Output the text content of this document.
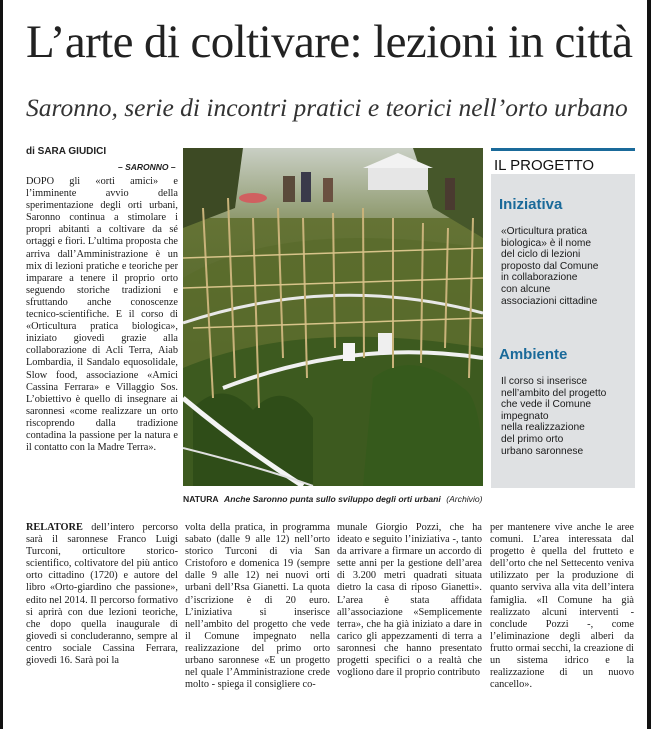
L’arte di coltivare: lezioni in città
Saronno, serie di incontri pratici e teorici nell’orto urbano
di SARA GIUDICI
– SARONNO –

DOPO gli «orti amici» e l’imminente avvio della sperimentazione degli orti urbani, Saronno continua a stimolare i propri abitanti a coltivare da sé ortaggi e fiori. L’ultima proposta che arriva dall’Amministrazione è un mix di lezioni pratiche e teoriche per imparare a tenere il proprio orto seguendo storiche tradizioni e sfruttando anche conoscenze tecnico-scientifiche. E il corso di «Orticultura pratica biologica», iniziato giovedì grazie alla collaborazione di Acli Terra, Aiab Lombardia, il Sandalo equosolidale, Slow food, associazione «Amici Cassina Ferrara» e Villaggio Sos. L’obiettivo è quello di insegnare ai saronnesi «come realizzare un orto riscoprendo dalla tradizione contadina la passione per la natura e il contatto con la Madre Terra».

RELATORE dell’intero percorso sarà il saronnese Franco Luigi Turconi, orticultore storico-scientifico, coltivatore del più antico orto cittadino (1720) e autore del libro «Orto-giardino che passione», edito nel 2014. Il percorso formativo si aprirà con due lezioni teoriche, che dopo quella inaugurale di giovedì si concluderanno, sempre al centro sociale Cassina Ferrara, giovedì 16. Sarà poi la

volta della pratica, in programma sabato (dalle 9 alle 12) nell’orto storico Turconi di via San Cristoforo e domenica 19 (sempre dalle 9 alle 12) nei nuovi orti urbani dell’Rsa Gianetti. La quota d’iscrizione è di 20 euro. L’iniziativa si inserisce nell’ambito del progetto che vede il Comune impegnato nella realizzazione del primo orto urbano saronnese «E un progetto nel quale l’Amministrazione crede molto - spiega il consigliere co-

munale Giorgio Pozzi, che ha ideato e seguito l’iniziativa -, tanto da arrivare a firmare un accordo di sette anni per la gestione dell’area di 3.200 metri quadrati situata dietro la casa di riposo Gianetti». L’area è stata affidata all’associazione «Semplicemente terra», che ha già iniziato a dare in carico gli appezzamenti di terra a saronnesi che hanno presentato progetti specifici o a realtà che vogliono dare il proprio contributo

per mantenere vive anche le aree comuni. L’area interessata dal progetto è quella del frutteto e dell’orto che nel Settecento veniva utilizzato per la produzione di quanto serviva alla vita dell’intera famiglia. «Il Comune ha già realizzato alcuni interventi - conclude Pozzi -, come l’eliminazione degli alberi da frutto ormai secchi, la creazione di un sistema idrico e la realizzazione di un nuovo cancello».

NATURA Anche Saronno punta sullo sviluppo degli orti urbani (Archivio)
IL PROGETTO
Iniziativa
«Orticultura pratica
biologica» è il nome
del ciclo di lezioni
proposto dal Comune
in collaborazione
con alcune
associazioni cittadine
Ambiente
Il corso si inserisce
nell’ambito del progetto
che vede il Comune
impegnato
nella realizzazione
del primo orto
urbano saronnese
